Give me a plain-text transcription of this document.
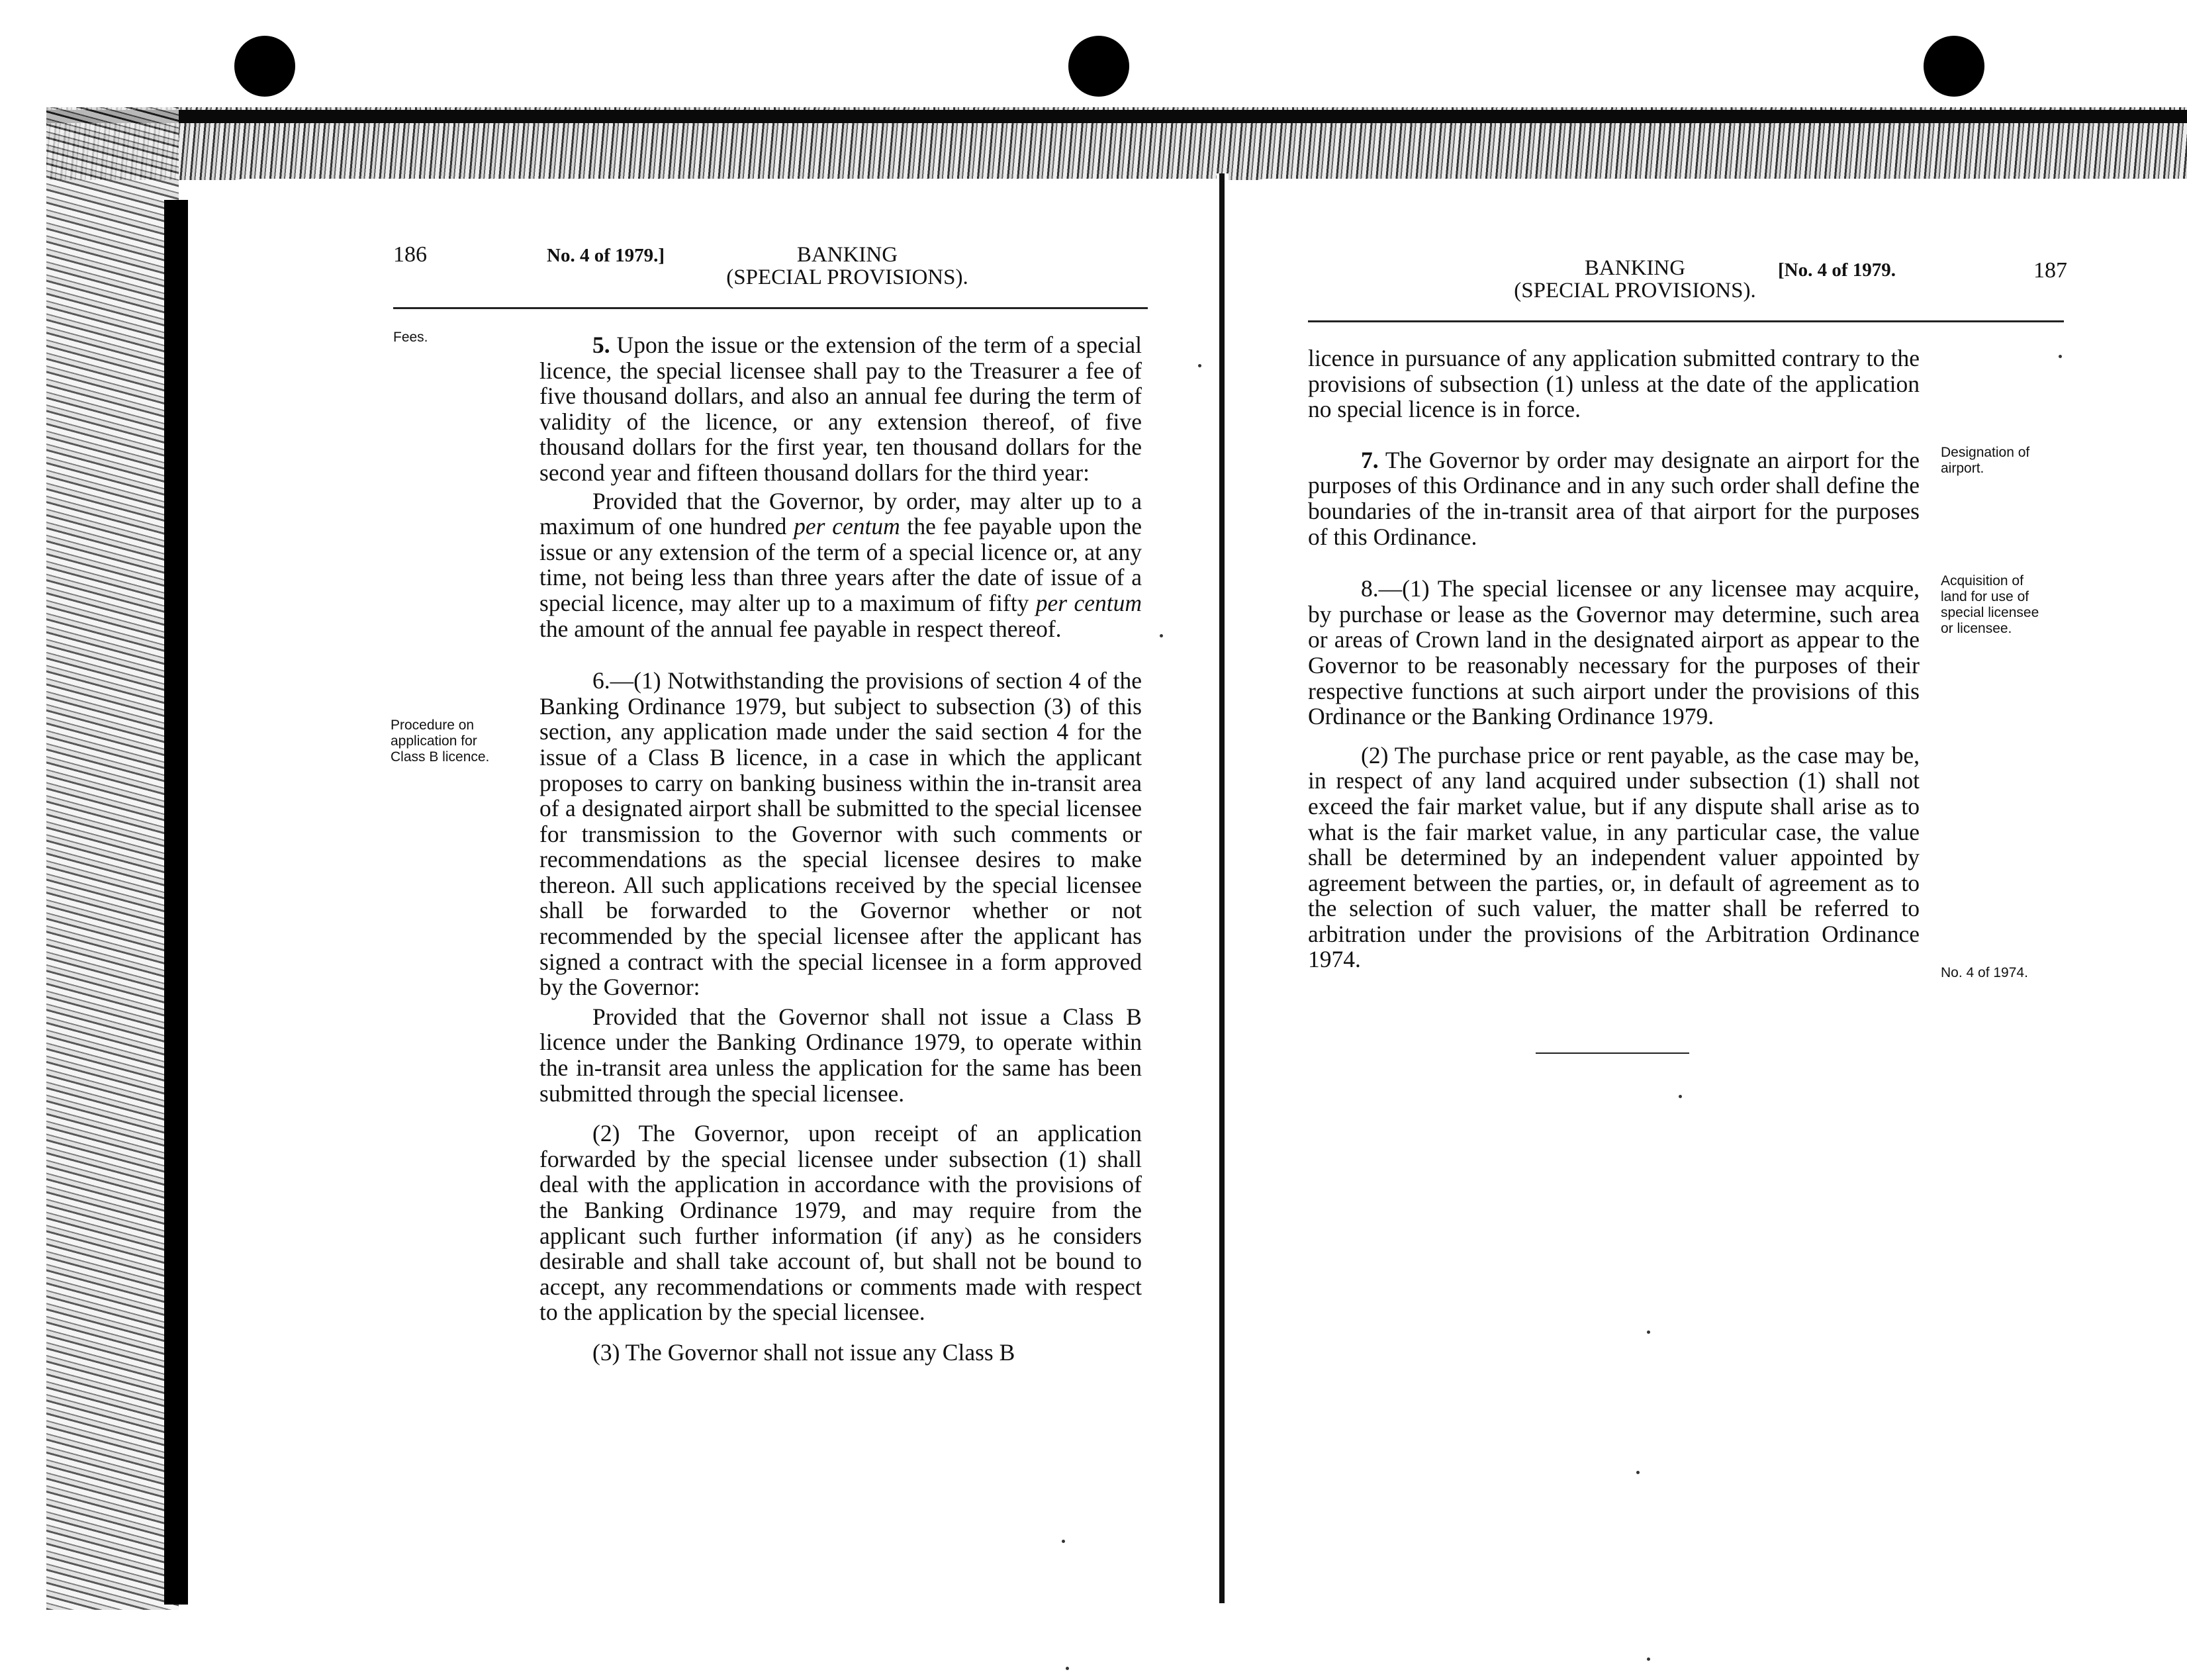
186	No. 4 of 1979.]	BANKING
(SPECIAL PROVISIONS).
Fees.
Procedure on
application for
Class B licence.

5. Upon the issue or the extension of the term of a special licence, the special licensee shall pay to the Treasurer a fee of five thousand dollars, and also an annual fee during the term of validity of the licence, or any extension thereof, of five thousand dollars for the first year, ten thousand dollars for the second year and fifteen thousand dollars for the third year:

Provided that the Governor, by order, may alter up to a maximum of one hundred per centum the fee payable upon the issue or any extension of the term of a special licence or, at any time, not being less than three years after the date of issue of a special licence, may alter up to a maximum of fifty per centum the amount of the annual fee payable in respect thereof.

6.—(1) Notwithstanding the provisions of section 4 of the Banking Ordinance 1979, but subject to subsection (3) of this section, any application made under the said section 4 for the issue of a Class B licence, in a case in which the applicant proposes to carry on banking business within the in-transit area of a designated airport shall be submitted to the special licensee for transmission to the Governor with such comments or recommendations as the special licensee desires to make thereon. All such applications received by the special licensee shall be forwarded to the Governor whether or not recommended by the special licensee after the applicant has signed a contract with the special licensee in a form approved by the Governor:

Provided that the Governor shall not issue a Class B licence under the Banking Ordinance 1979, to operate within the in-transit area unless the application for the same has been submitted through the special licensee.

(2) The Governor, upon receipt of an application forwarded by the special licensee under subsection (1) shall deal with the application in accordance with the provisions of the Banking Ordinance 1979, and may require from the applicant such further information (if any) as he considers desirable and shall take account of, but shall not be bound to accept, any recommendations or comments made with respect to the application by the special licensee.

(3) The Governor shall not issue any Class B

BANKING
(SPECIAL PROVISIONS).
[No. 4 of 1979.	187
Designation of
airport.
Acquisition of
land for use of
special licensee
or licensee.
No. 4 of 1974.

licence in pursuance of any application submitted contrary to the provisions of subsection (1) unless at the date of the application no special licence is in force.

7. The Governor by order may designate an airport for the purposes of this Ordinance and in any such order shall define the boundaries of the in-transit area of that airport for the purposes of this Ordinance.

8.—(1) The special licensee or any licensee may acquire, by purchase or lease as the Governor may determine, such area or areas of Crown land in the designated airport as appear to the Governor to be reasonably necessary for the purposes of their respective functions at such airport under the provisions of this Ordinance or the Banking Ordinance 1979.

(2) The purchase price or rent payable, as the case may be, in respect of any land acquired under subsection (1) shall not exceed the fair market value, but if any dispute shall arise as to what is the fair market value, in any particular case, the value shall be determined by an independent valuer appointed by agreement between the parties, or, in default of agreement as to the selection of such valuer, the matter shall be referred to arbitration under the provisions of the Arbitration Ordinance 1974.
